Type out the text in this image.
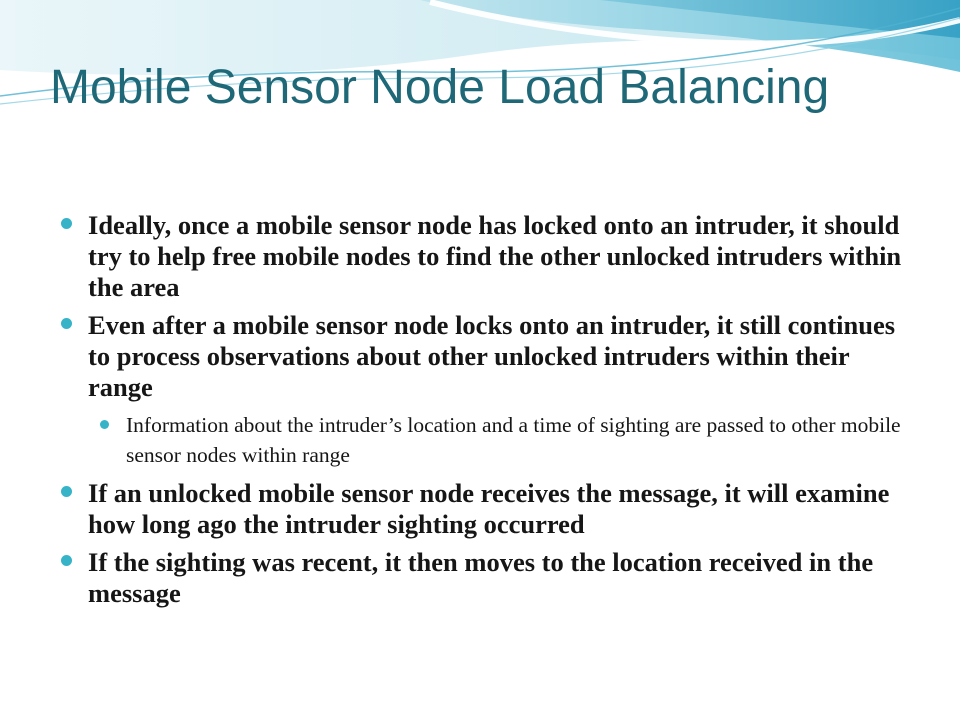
Mobile Sensor Node Load Balancing
Ideally, once a mobile sensor node has locked onto an intruder, it should try to help free mobile nodes to find the other unlocked intruders within the area
Even after a mobile sensor node locks onto an intruder, it still continues to process observations about other unlocked intruders within their range
Information about the intruder’s location and a time of sighting are passed to other mobile sensor nodes within range
If an unlocked mobile sensor node receives the message, it will examine how long ago the intruder sighting occurred
If the sighting was recent, it then moves to the location received in the message
